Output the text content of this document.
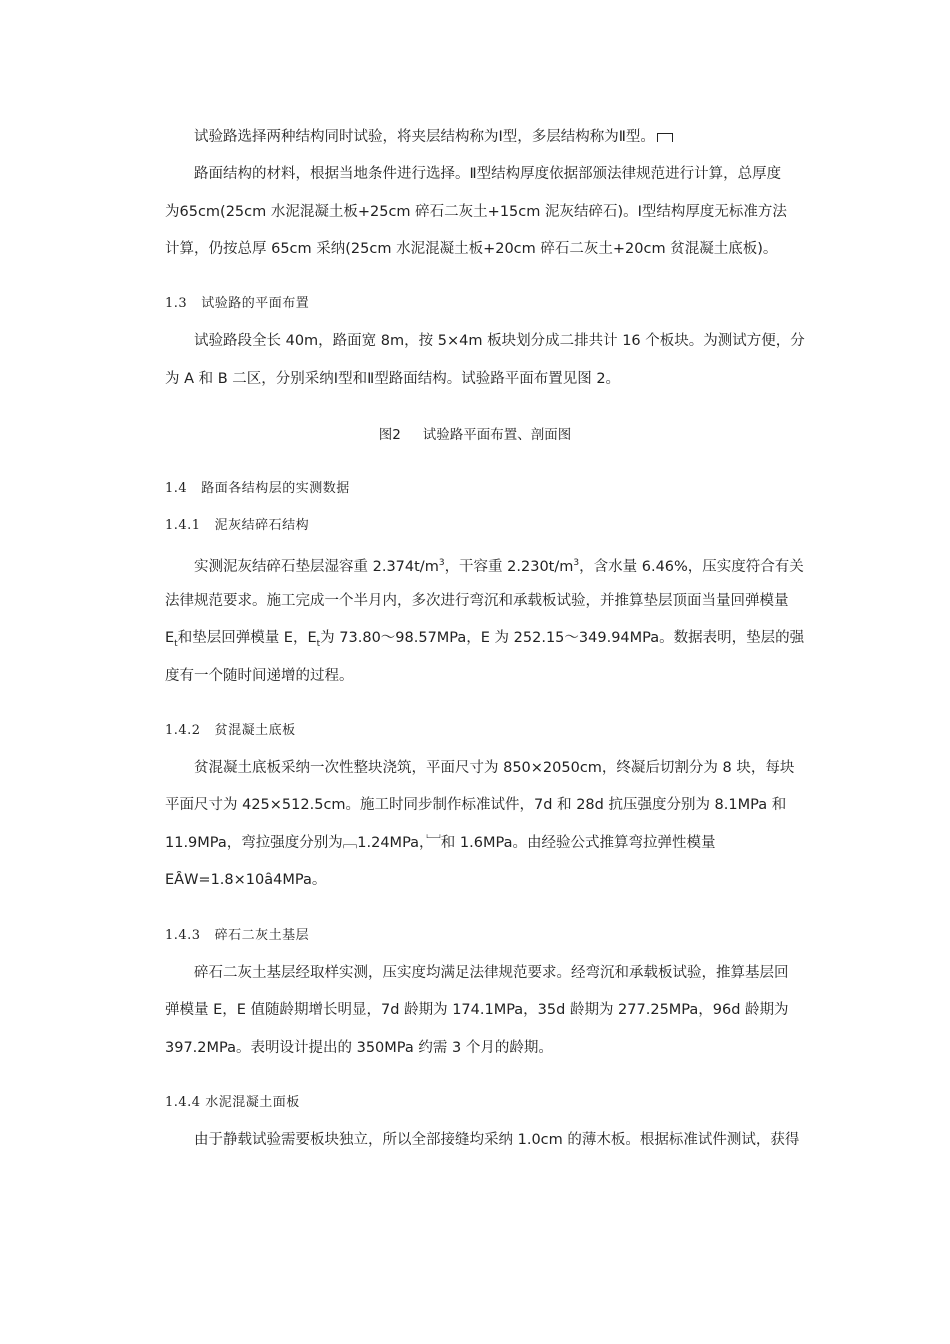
试验路选择两种结构同时试验，将夹层结构称为Ⅰ型，多层结构称为Ⅱ型。
路面结构的材料，根据当地条件进行选择。Ⅱ型结构厚度依据部颁法律规范进行计算，总厚度
为65cm(25cm 水泥混凝土板+25cm 碎石二灰土+15cm 泥灰结碎石)。Ⅰ型结构厚度无标准方法
计算，仍按总厚 65cm 采纳(25cm 水泥混凝土板+20cm 碎石二灰土+20cm 贫混凝土底板)。
1.3 试验路的平面布置
试验路段全长 40m，路面宽 8m，按 5×4m 板块划分成二排共计 16 个板块。为测试方便，分
为 A 和 B 二区，分别采纳Ⅰ型和Ⅱ型路面结构。试验路平面布置见图 2。
图2 试验路平面布置、剖面图
1.4 路面各结构层的实测数据
1.4.1 泥灰结碎石结构
实测泥灰结碎石垫层湿容重 $2.374t/m^3$，干容重 $2.230t/m^3$，含水量 6.46%，压实度符合有关
法律规范要求。施工完成一个半月内，多次进行弯沉和承载板试验，并推算垫层顶面当量回弹模量
$E_t$和垫层回弹模量 E，$E_t$为 73.80～98.57MPa，E 为 252.15～349.94MPa。数据表明，垫层的强
度有一个随时间递增的过程。
1.4.2 贫混凝土底板
贫混凝土底板采纳一次性整块浇筑，平面尺寸为 850×2050cm，终凝后切割分为 8 块，每块
平面尺寸为 425×512.5cm。施工时同步制作标准试件，7d 和 28d 抗压强度分别为 8.1MPa 和
11.9MPa，弯拉强度分别为﹇1.24MPa，﹈和 1.6MPa。由经验公式推算弯拉弹性模量
EȂW=1.8×10ȃ4MPa。
1.4.3 碎石二灰土基层
碎石二灰土基层经取样实测，压实度均满足法律规范要求。经弯沉和承载板试验，推算基层回
弹模量 E，E 值随龄期增长明显，7d 龄期为 174.1MPa，35d 龄期为 277.25MPa，96d 龄期为
397.2MPa。表明设计提出的 350MPa 约需 3 个月的龄期。
1.4.4 水泥混凝土面板
由于静载试验需要板块独立，所以全部接缝均采纳 1.0cm 的薄木板。根据标准试件测试，获得
